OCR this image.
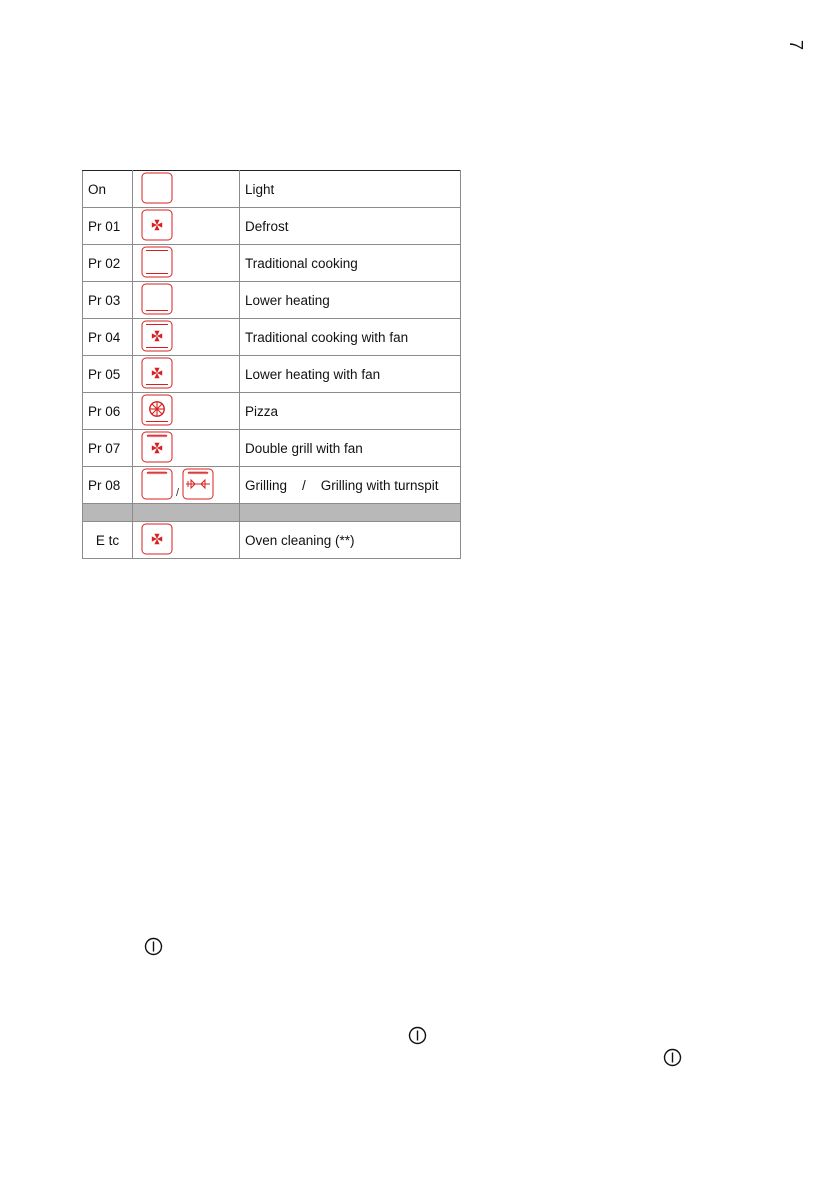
7
On		Light
Pr 01		Defrost
Pr 02		Traditional cooking
Pr 03		Lower heating
Pr 04		Traditional cooking with fan
Pr 05		Lower heating with fan
Pr 06		Pizza
Pr 07		Double grill with fan
Pr 08	/	Grilling    /    Grilling with turnspit

E tc		Oven cleaning (**)
